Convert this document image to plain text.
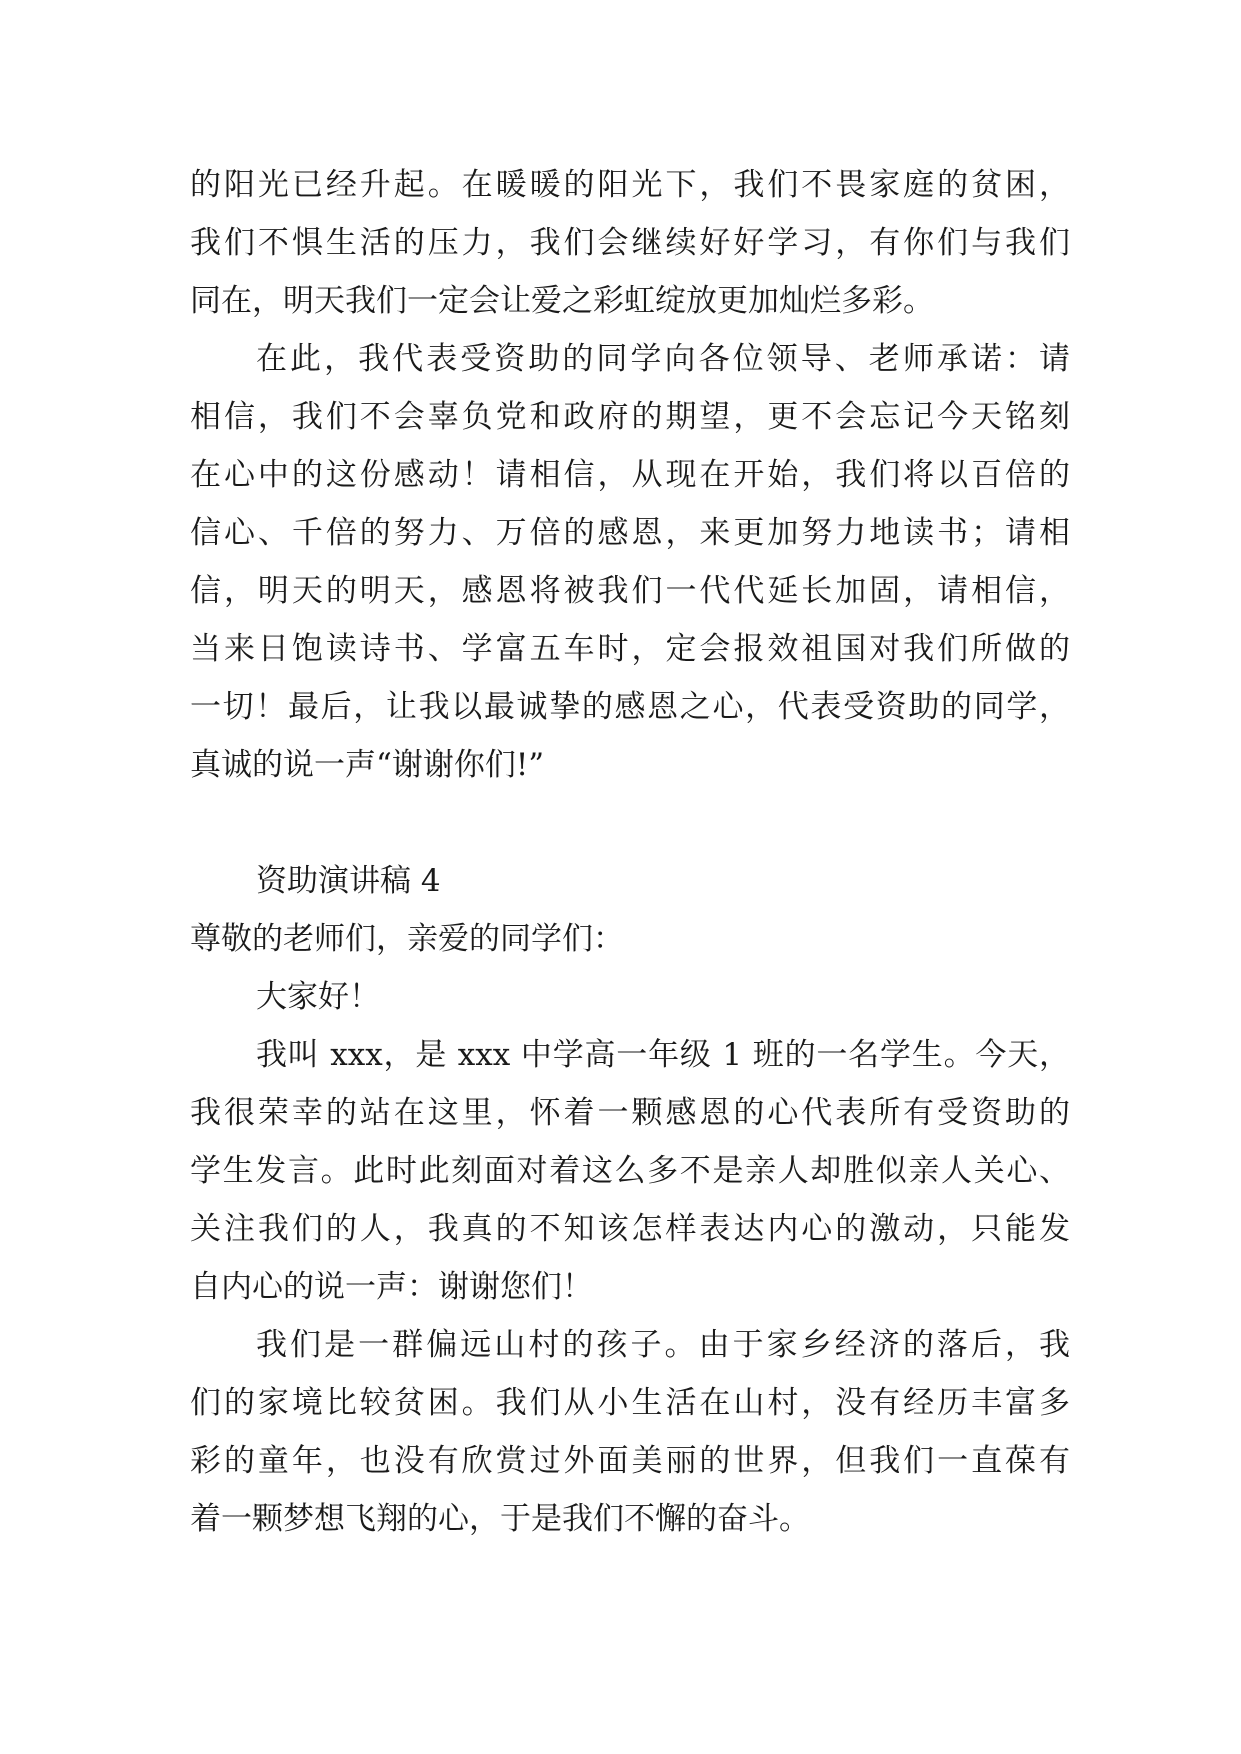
的阳光已经升起。在暖暖的阳光下，我们不畏家庭的贫困，
我们不惧生活的压力，我们会继续好好学习，有你们与我们
同在，明天我们一定会让爱之彩虹绽放更加灿烂多彩。
在此，我代表受资助的同学向各位领导、老师承诺：请
相信，我们不会辜负党和政府的期望，更不会忘记今天铭刻
在心中的这份感动！请相信，从现在开始，我们将以百倍的
信心、千倍的努力、万倍的感恩，来更加努力地读书；请相
信，明天的明天，感恩将被我们一代代延长加固，请相信，
当来日饱读诗书、学富五车时，定会报效祖国对我们所做的
一切！最后，让我以最诚挚的感恩之心，代表受资助的同学，
真诚的说一声“谢谢你们!”
资助演讲稿 4
尊敬的老师们，亲爱的同学们：
大家好！
我叫 xxx，是 xxx 中学高一年级 1 班的一名学生。今天，
我很荣幸的站在这里，怀着一颗感恩的心代表所有受资助的
学生发言。此时此刻面对着这么多不是亲人却胜似亲人关心、
关注我们的人，我真的不知该怎样表达内心的激动，只能发
自内心的说一声：谢谢您们！
我们是一群偏远山村的孩子。由于家乡经济的落后，我
们的家境比较贫困。我们从小生活在山村，没有经历丰富多
彩的童年，也没有欣赏过外面美丽的世界，但我们一直葆有
着一颗梦想飞翔的心，于是我们不懈的奋斗。
